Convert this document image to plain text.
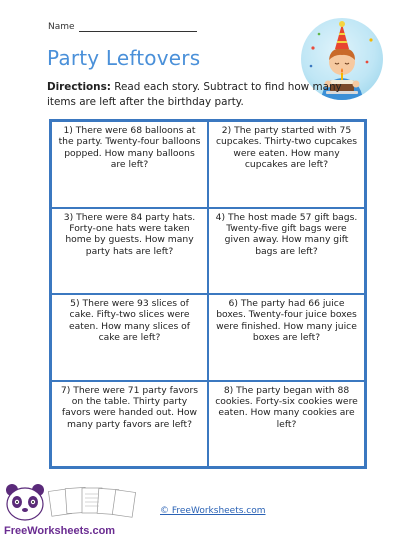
Name
Party Leftovers
Directions: Read each story. Subtract to find how many items are left after the birthday party.
1) There were 68 balloons at the party. Twenty-four balloons popped. How many balloons are left?
2) The party started with 75 cupcakes. Thirty-two cupcakes were eaten. How many cupcakes are left?
3) There were 84 party hats. Forty-one hats were taken home by guests. How many party hats are left?
4) The host made 57 gift bags. Twenty-five gift bags were given away. How many gift bags are left?
5) There were 93 slices of cake. Fifty-two slices were eaten. How many slices of cake are left?
6) The party had 66 juice boxes. Twenty-four juice boxes were finished. How many juice boxes are left?
7) There were 71 party favors on the table. Thirty party favors were handed out. How many party favors are left?
8) The party began with 88 cookies. Forty-six cookies were eaten. How many cookies are left?
FreeWorksheets.com
© FreeWorksheets.com
